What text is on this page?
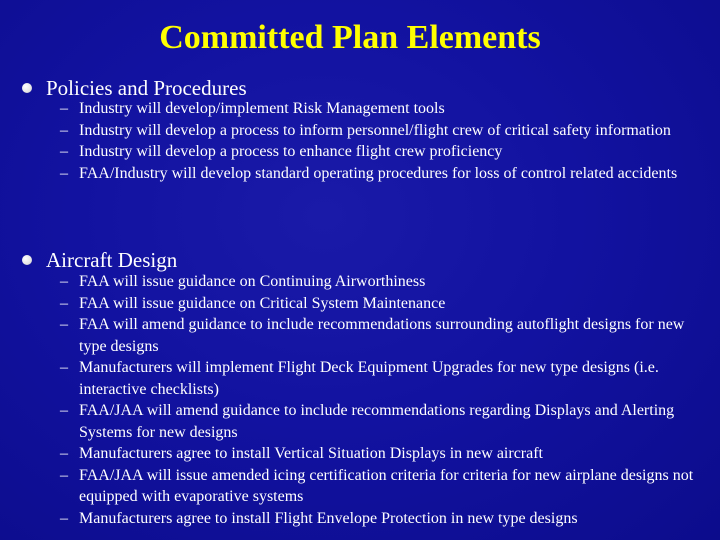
Committed Plan Elements
Policies and Procedures
– Industry will develop/implement Risk Management tools
– Industry will develop a process to inform personnel/flight crew of critical safety information
– Industry will develop a process to enhance flight crew proficiency
– FAA/Industry will develop standard operating procedures for loss of control related accidents
Aircraft Design
– FAA will issue guidance on Continuing Airworthiness
– FAA will issue guidance on Critical System Maintenance
– FAA will amend guidance to include recommendations surrounding autoflight designs for new type designs
– Manufacturers will implement Flight Deck Equipment Upgrades for new type designs (i.e. interactive checklists)
– FAA/JAA will amend guidance to include recommendations regarding Displays and Alerting Systems for new designs
– Manufacturers agree to install Vertical Situation Displays in new aircraft
– FAA/JAA will issue amended icing certification criteria for criteria for new airplane designs not equipped with evaporative systems
– Manufacturers agree to install Flight Envelope Protection in new type designs
